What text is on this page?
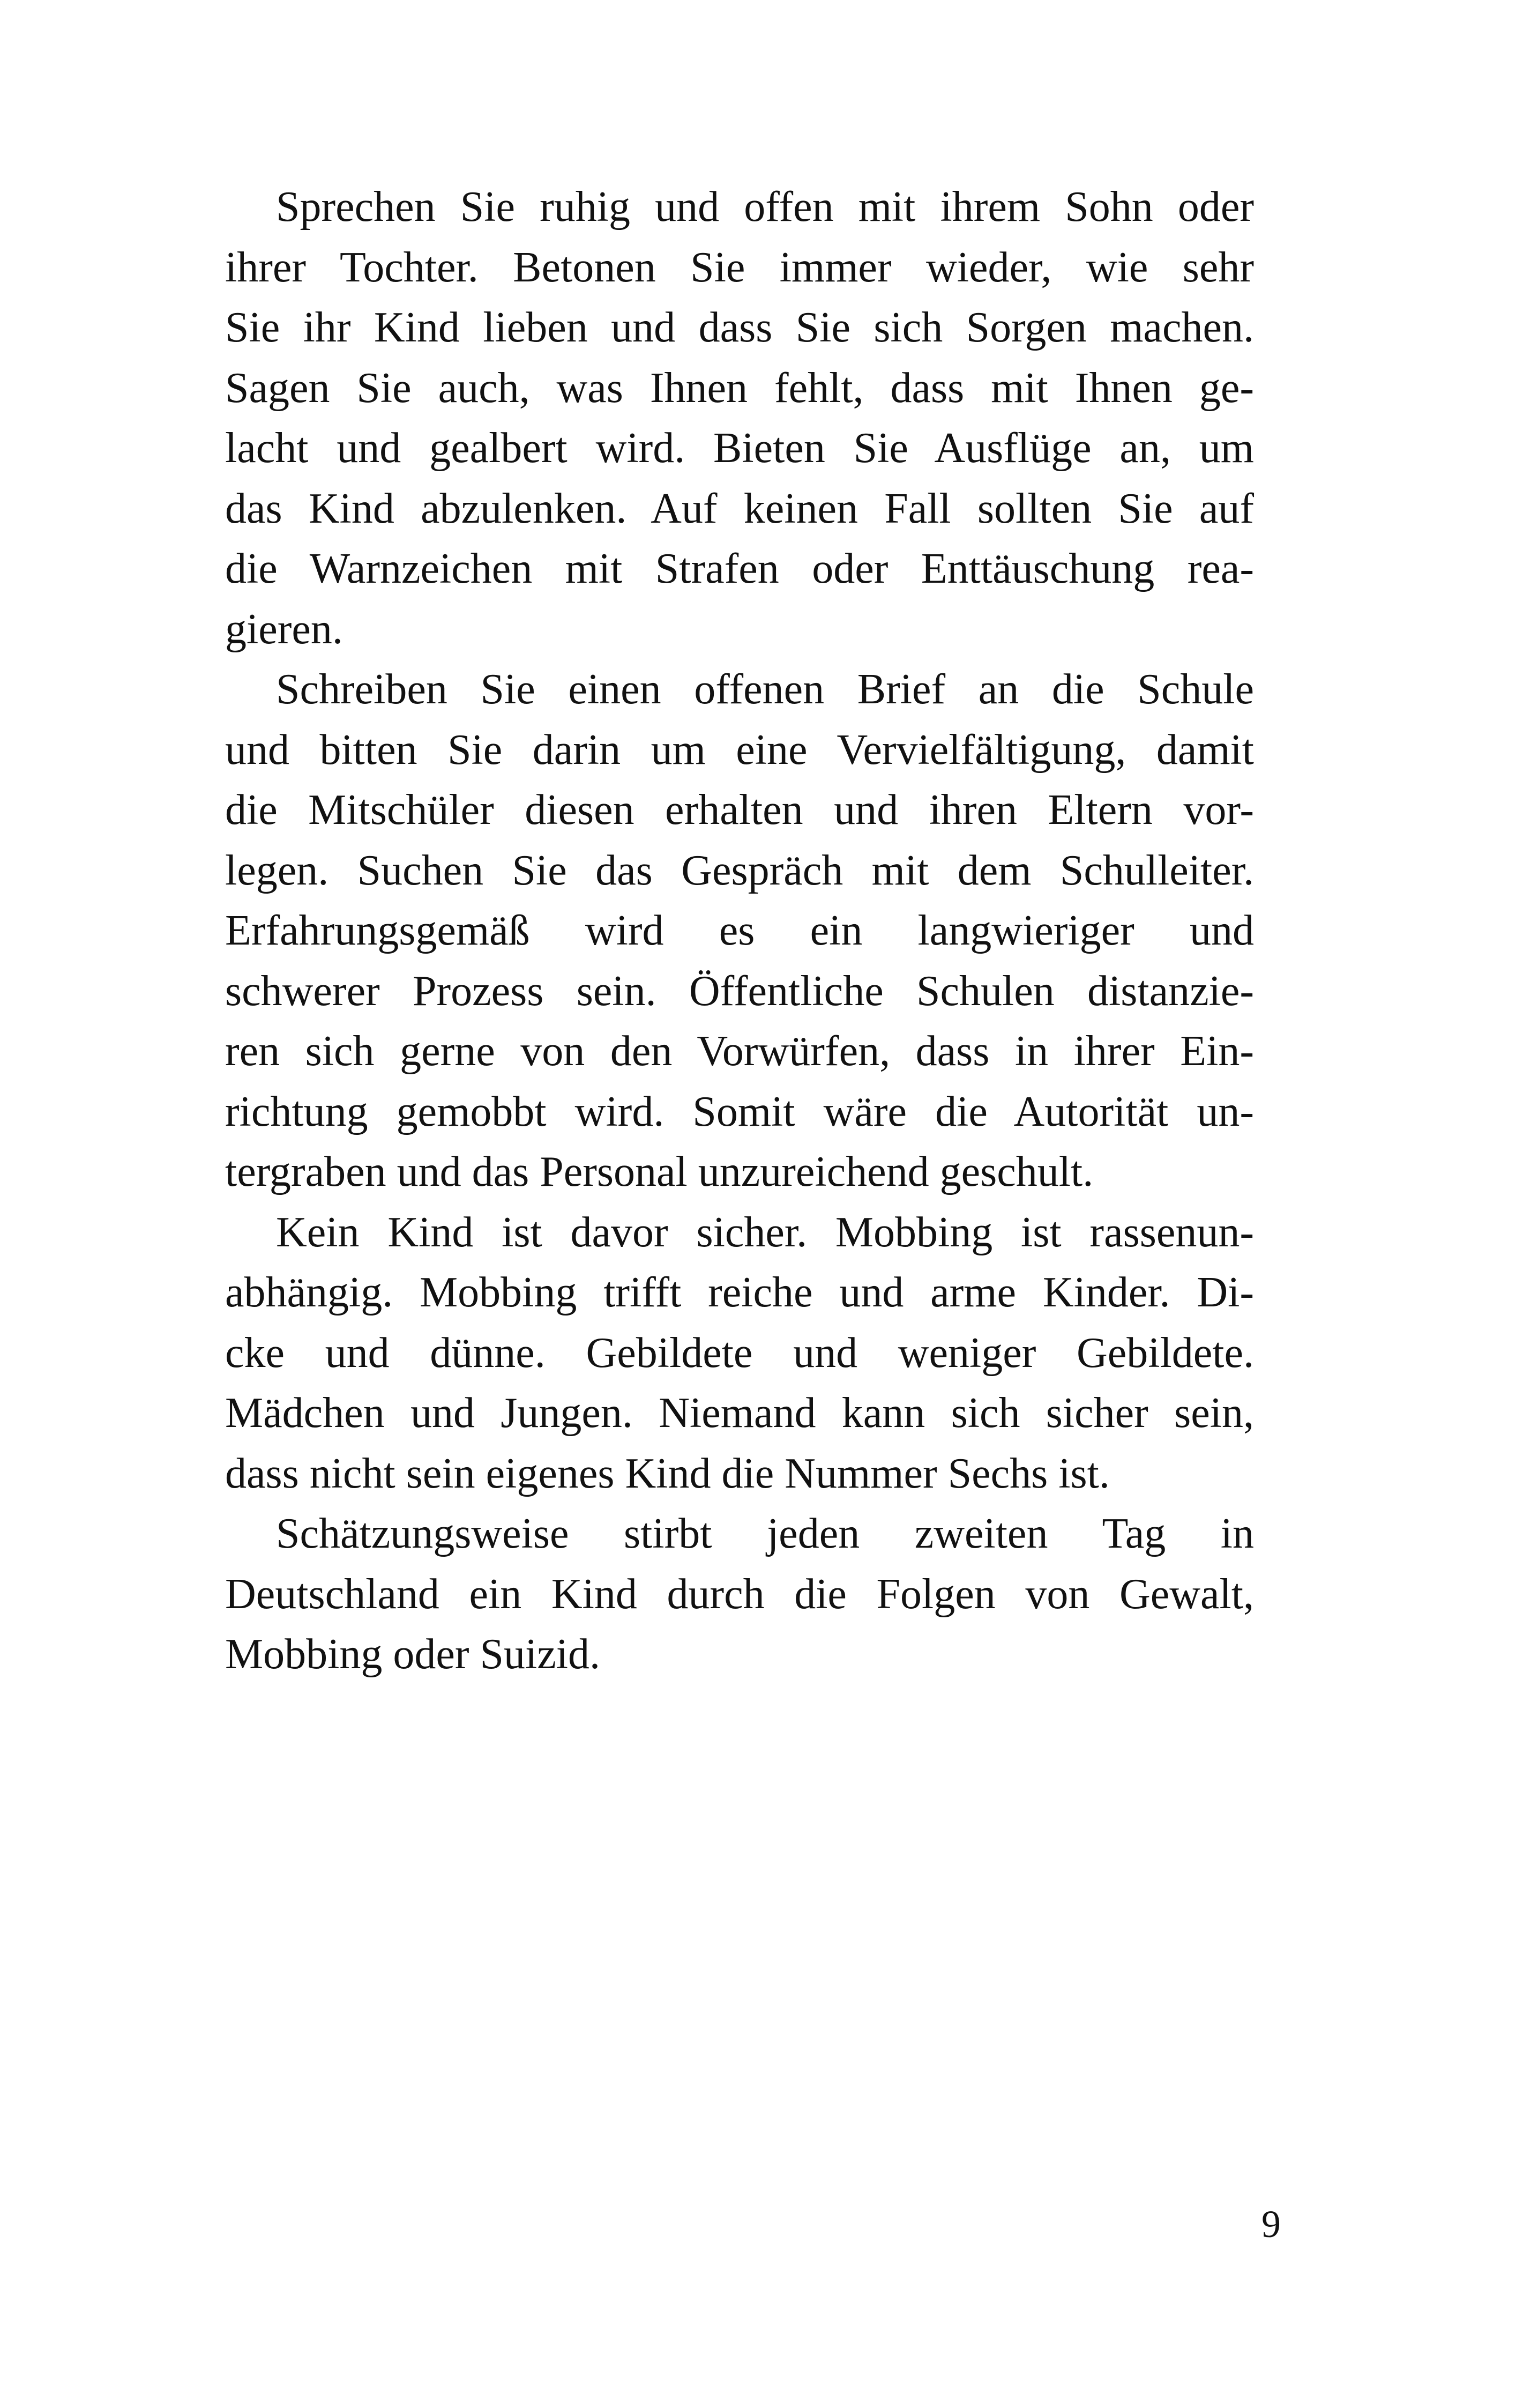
Sprechen Sie ruhig und offen mit ihrem Sohn oder
ihrer Tochter. Betonen Sie immer wieder, wie sehr
Sie ihr Kind lieben und dass Sie sich Sorgen machen.
Sagen Sie auch, was Ihnen fehlt, dass mit Ihnen ge-
lacht und gealbert wird. Bieten Sie Ausflüge an, um
das Kind abzulenken. Auf keinen Fall sollten Sie auf
die Warnzeichen mit Strafen oder Enttäuschung rea-
gieren.
Schreiben Sie einen offenen Brief an die Schule
und bitten Sie darin um eine Vervielfältigung, damit
die Mitschüler diesen erhalten und ihren Eltern vor-
legen. Suchen Sie das Gespräch mit dem Schulleiter.
Erfahrungsgemäß wird es ein langwieriger und
schwerer Prozess sein. Öffentliche Schulen distanzie-
ren sich gerne von den Vorwürfen, dass in ihrer Ein-
richtung gemobbt wird. Somit wäre die Autorität un-
tergraben und das Personal unzureichend geschult.
Kein Kind ist davor sicher. Mobbing ist rassenun-
abhängig. Mobbing trifft reiche und arme Kinder. Di-
cke und dünne. Gebildete und weniger Gebildete.
Mädchen und Jungen. Niemand kann sich sicher sein,
dass nicht sein eigenes Kind die Nummer Sechs ist.
Schätzungsweise stirbt jeden zweiten Tag in
Deutschland ein Kind durch die Folgen von Gewalt,
Mobbing oder Suizid.
9
